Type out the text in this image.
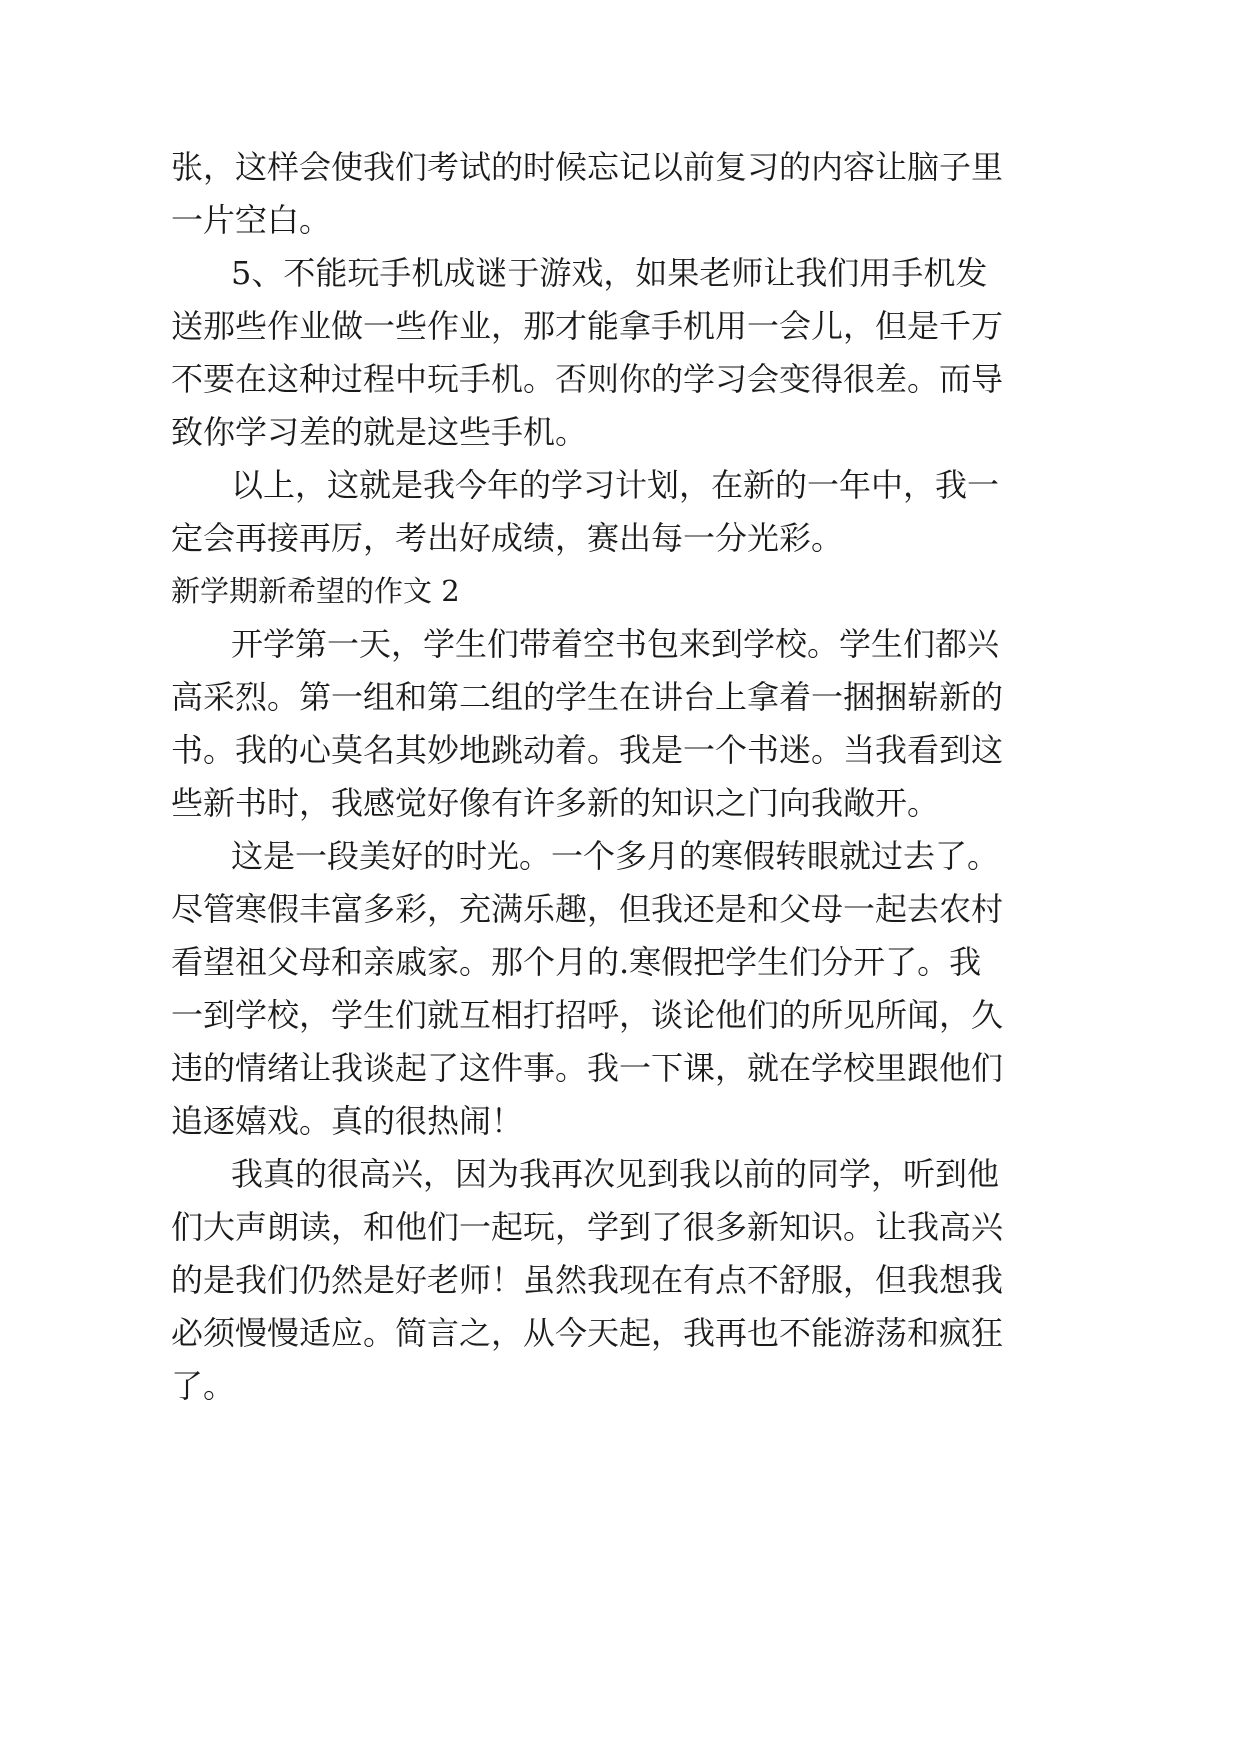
张，这样会使我们考试的时候忘记以前复习的内容让脑子里
一片空白。
5、不能玩手机成谜于游戏，如果老师让我们用手机发
送那些作业做一些作业，那才能拿手机用一会儿，但是千万
不要在这种过程中玩手机。否则你的学习会变得很差。而导
致你学习差的就是这些手机。
以上，这就是我今年的学习计划，在新的一年中，我一
定会再接再厉，考出好成绩，赛出每一分光彩。
新学期新希望的作文 2
开学第一天，学生们带着空书包来到学校。学生们都兴
高采烈。第一组和第二组的学生在讲台上拿着一捆捆崭新的
书。我的心莫名其妙地跳动着。我是一个书迷。当我看到这
些新书时，我感觉好像有许多新的知识之门向我敞开。
这是一段美好的时光。一个多月的寒假转眼就过去了。
尽管寒假丰富多彩，充满乐趣，但我还是和父母一起去农村
看望祖父母和亲戚家。那个月的.寒假把学生们分开了。我
一到学校，学生们就互相打招呼，谈论他们的所见所闻，久
违的情绪让我谈起了这件事。我一下课，就在学校里跟他们
追逐嬉戏。真的很热闹！
我真的很高兴，因为我再次见到我以前的同学，听到他
们大声朗读，和他们一起玩，学到了很多新知识。让我高兴
的是我们仍然是好老师！虽然我现在有点不舒服，但我想我
必须慢慢适应。简言之，从今天起，我再也不能游荡和疯狂
了。
